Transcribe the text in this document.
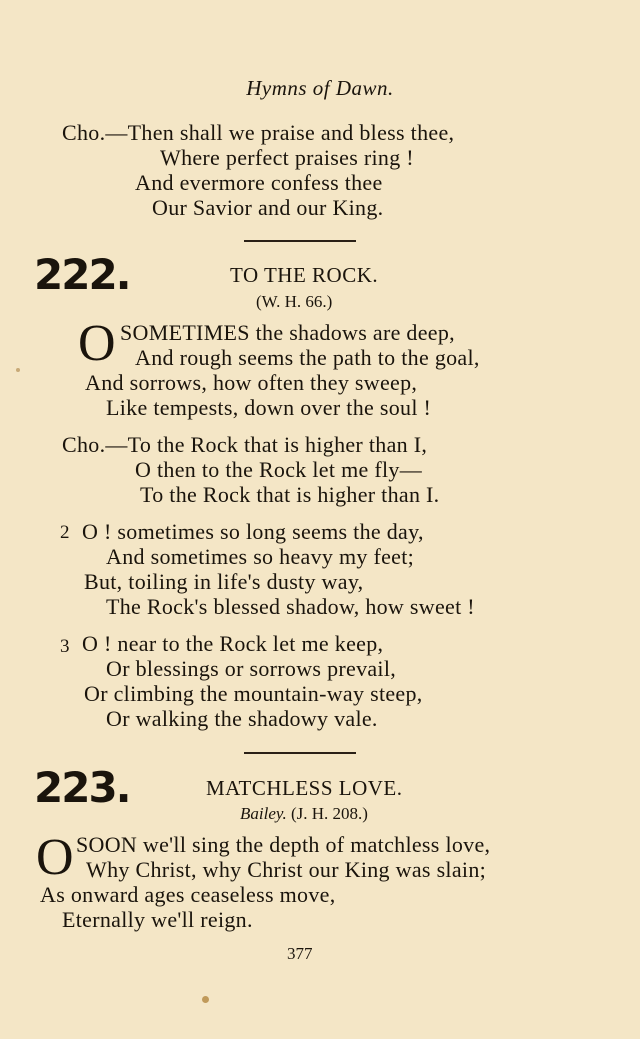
Hymns of Dawn.
Cho.—Then shall we praise and bless thee,
Where perfect praises ring !
And evermore confess thee
Our Savior and our King.
222.	TO THE ROCK.
(W. H. 66.)
O SOMETIMES the shadows are deep,
And rough seems the path to the goal,
And sorrows, how often they sweep,
Like tempests, down over the soul !
Cho.—To the Rock that is higher than I,
O then to the Rock let me fly—
To the Rock that is higher than I.
2 O ! sometimes so long seems the day,
And sometimes so heavy my feet;
But, toiling in life's dusty way,
The Rock's blessed shadow, how sweet !
3 O ! near to the Rock let me keep,
Or blessings or sorrows prevail,
Or climbing the mountain-way steep,
Or walking the shadowy vale.
223.	MATCHLESS LOVE.
Bailey. (J. H. 208.)
O SOON we'll sing the depth of matchless love,
Why Christ, why Christ our King was slain;
As onward ages ceaseless move,
Eternally we'll reign.
377
